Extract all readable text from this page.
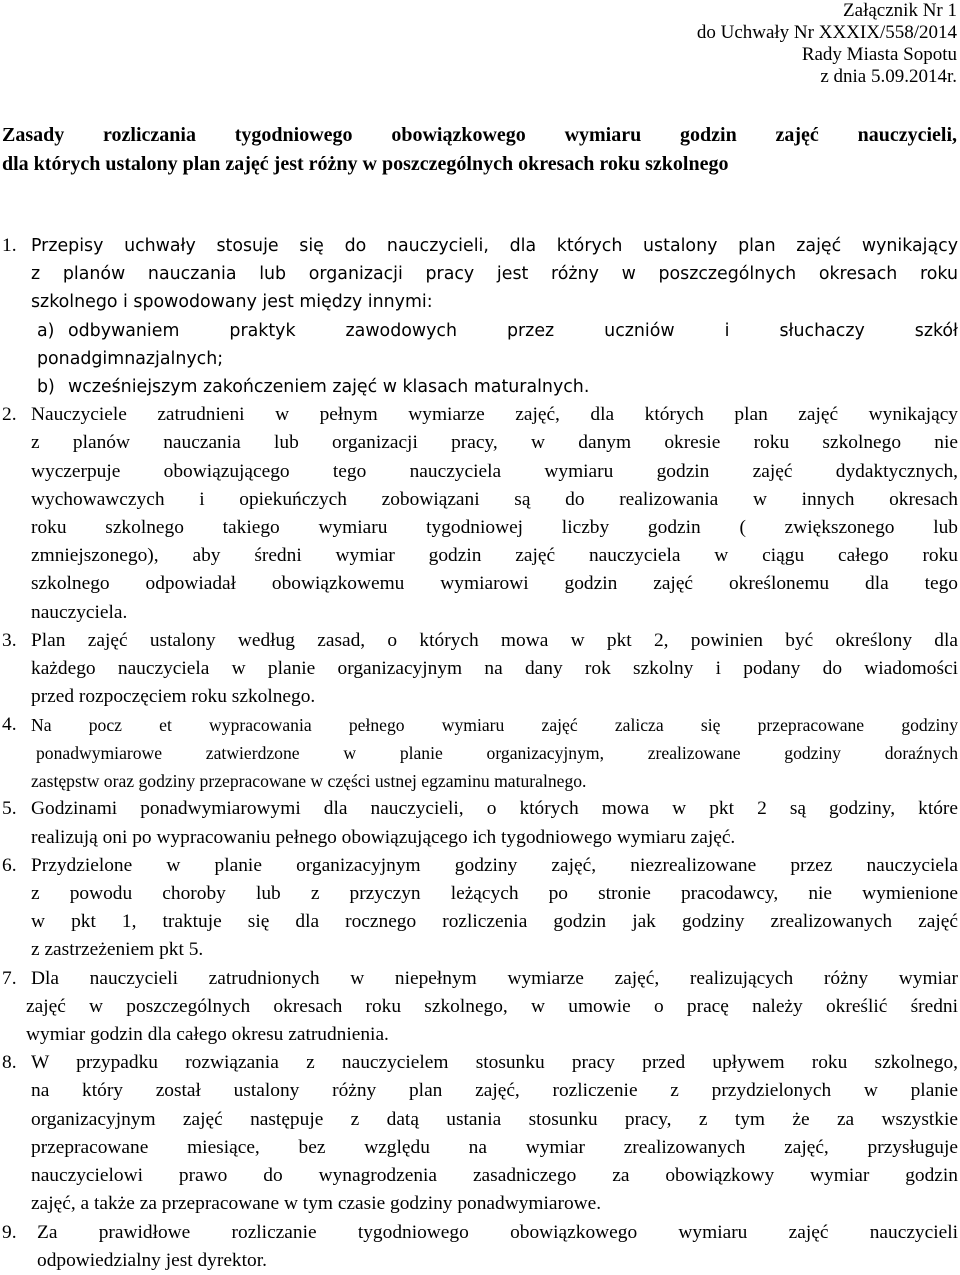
Załącznik Nr 1
do Uchwały Nr XXXIX/558/2014
Rady Miasta Sopotu
z dnia 5.09.2014r.
Zasady rozliczania tygodniowego obowiązkowego wymiaru godzin zajęć nauczycieli,
dla których ustalony plan zajęć jest różny w poszczególnych okresach roku szkolnego
1. Przepisy uchwały stosuje się do nauczycieli, dla których ustalony plan zajęć wynikający
z planów nauczania lub organizacji pracy jest różny w poszczególnych okresach roku
szkolnego i spowodowany jest między innymi:
a) odbywaniem praktyk zawodowych przez uczniów i słuchaczy szkół
ponadgimnazjalnych;
b) wcześniejszym zakończeniem zajęć w klasach maturalnych.
2. Nauczyciele zatrudnieni w pełnym wymiarze zajęć, dla których plan zajęć wynikający
z planów nauczania lub organizacji pracy, w danym okresie roku szkolnego nie
wyczerpuje obowiązującego tego nauczyciela wymiaru godzin zajęć dydaktycznych,
wychowawczych i opiekuńczych zobowiązani są do realizowania w innych okresach
roku szkolnego takiego wymiaru tygodniowej liczby godzin ( zwiększonego lub
zmniejszonego), aby średni wymiar godzin zajęć nauczyciela w ciągu całego roku
szkolnego odpowiadał obowiązkowemu wymiarowi godzin zajęć określonemu dla tego
nauczyciela.
3. Plan zajęć ustalony według zasad, o których mowa w pkt 2, powinien być określony dla
każdego nauczyciela w planie organizacyjnym na dany rok szkolny i podany do wiadomości
przed rozpoczęciem roku szkolnego.
4. Na pocz et wypracowania pełnego wymiaru zajęć zalicza się przepracowane godziny
ponadwymiarowe zatwierdzone w planie organizacyjnym, zrealizowane godziny doraźnych
zastępstw oraz godziny przepracowane w części ustnej egzaminu maturalnego.
5. Godzinami ponadwymiarowymi dla nauczycieli, o których mowa w pkt 2 są godziny, które
realizują oni po wypracowaniu pełnego obowiązującego ich tygodniowego wymiaru zajęć.
6. Przydzielone w planie organizacyjnym godziny zajęć, niezrealizowane przez nauczyciela
z powodu choroby lub z przyczyn leżących po stronie pracodawcy, nie wymienione
w pkt 1, traktuje się dla rocznego rozliczenia godzin jak godziny zrealizowanych zajęć
z zastrzeżeniem pkt 5.
7. Dla nauczycieli zatrudnionych w niepełnym wymiarze zajęć, realizujących różny wymiar
zajęć w poszczególnych okresach roku szkolnego, w umowie o pracę należy określić średni
wymiar godzin dla całego okresu zatrudnienia.
8. W przypadku rozwiązania z nauczycielem stosunku pracy przed upływem roku szkolnego,
na który został ustalony różny plan zajęć, rozliczenie z przydzielonych w planie
organizacyjnym zajęć następuje z datą ustania stosunku pracy, z tym że za wszystkie
przepracowane miesiące, bez względu na wymiar zrealizowanych zajęć, przysługuje
nauczycielowi prawo do wynagrodzenia zasadniczego za obowiązkowy wymiar godzin
zajęć, a także za przepracowane w tym czasie godziny ponadwymiarowe.
9. Za prawidłowe rozliczanie tygodniowego obowiązkowego wymiaru zajęć nauczycieli
odpowiedzialny jest dyrektor.
